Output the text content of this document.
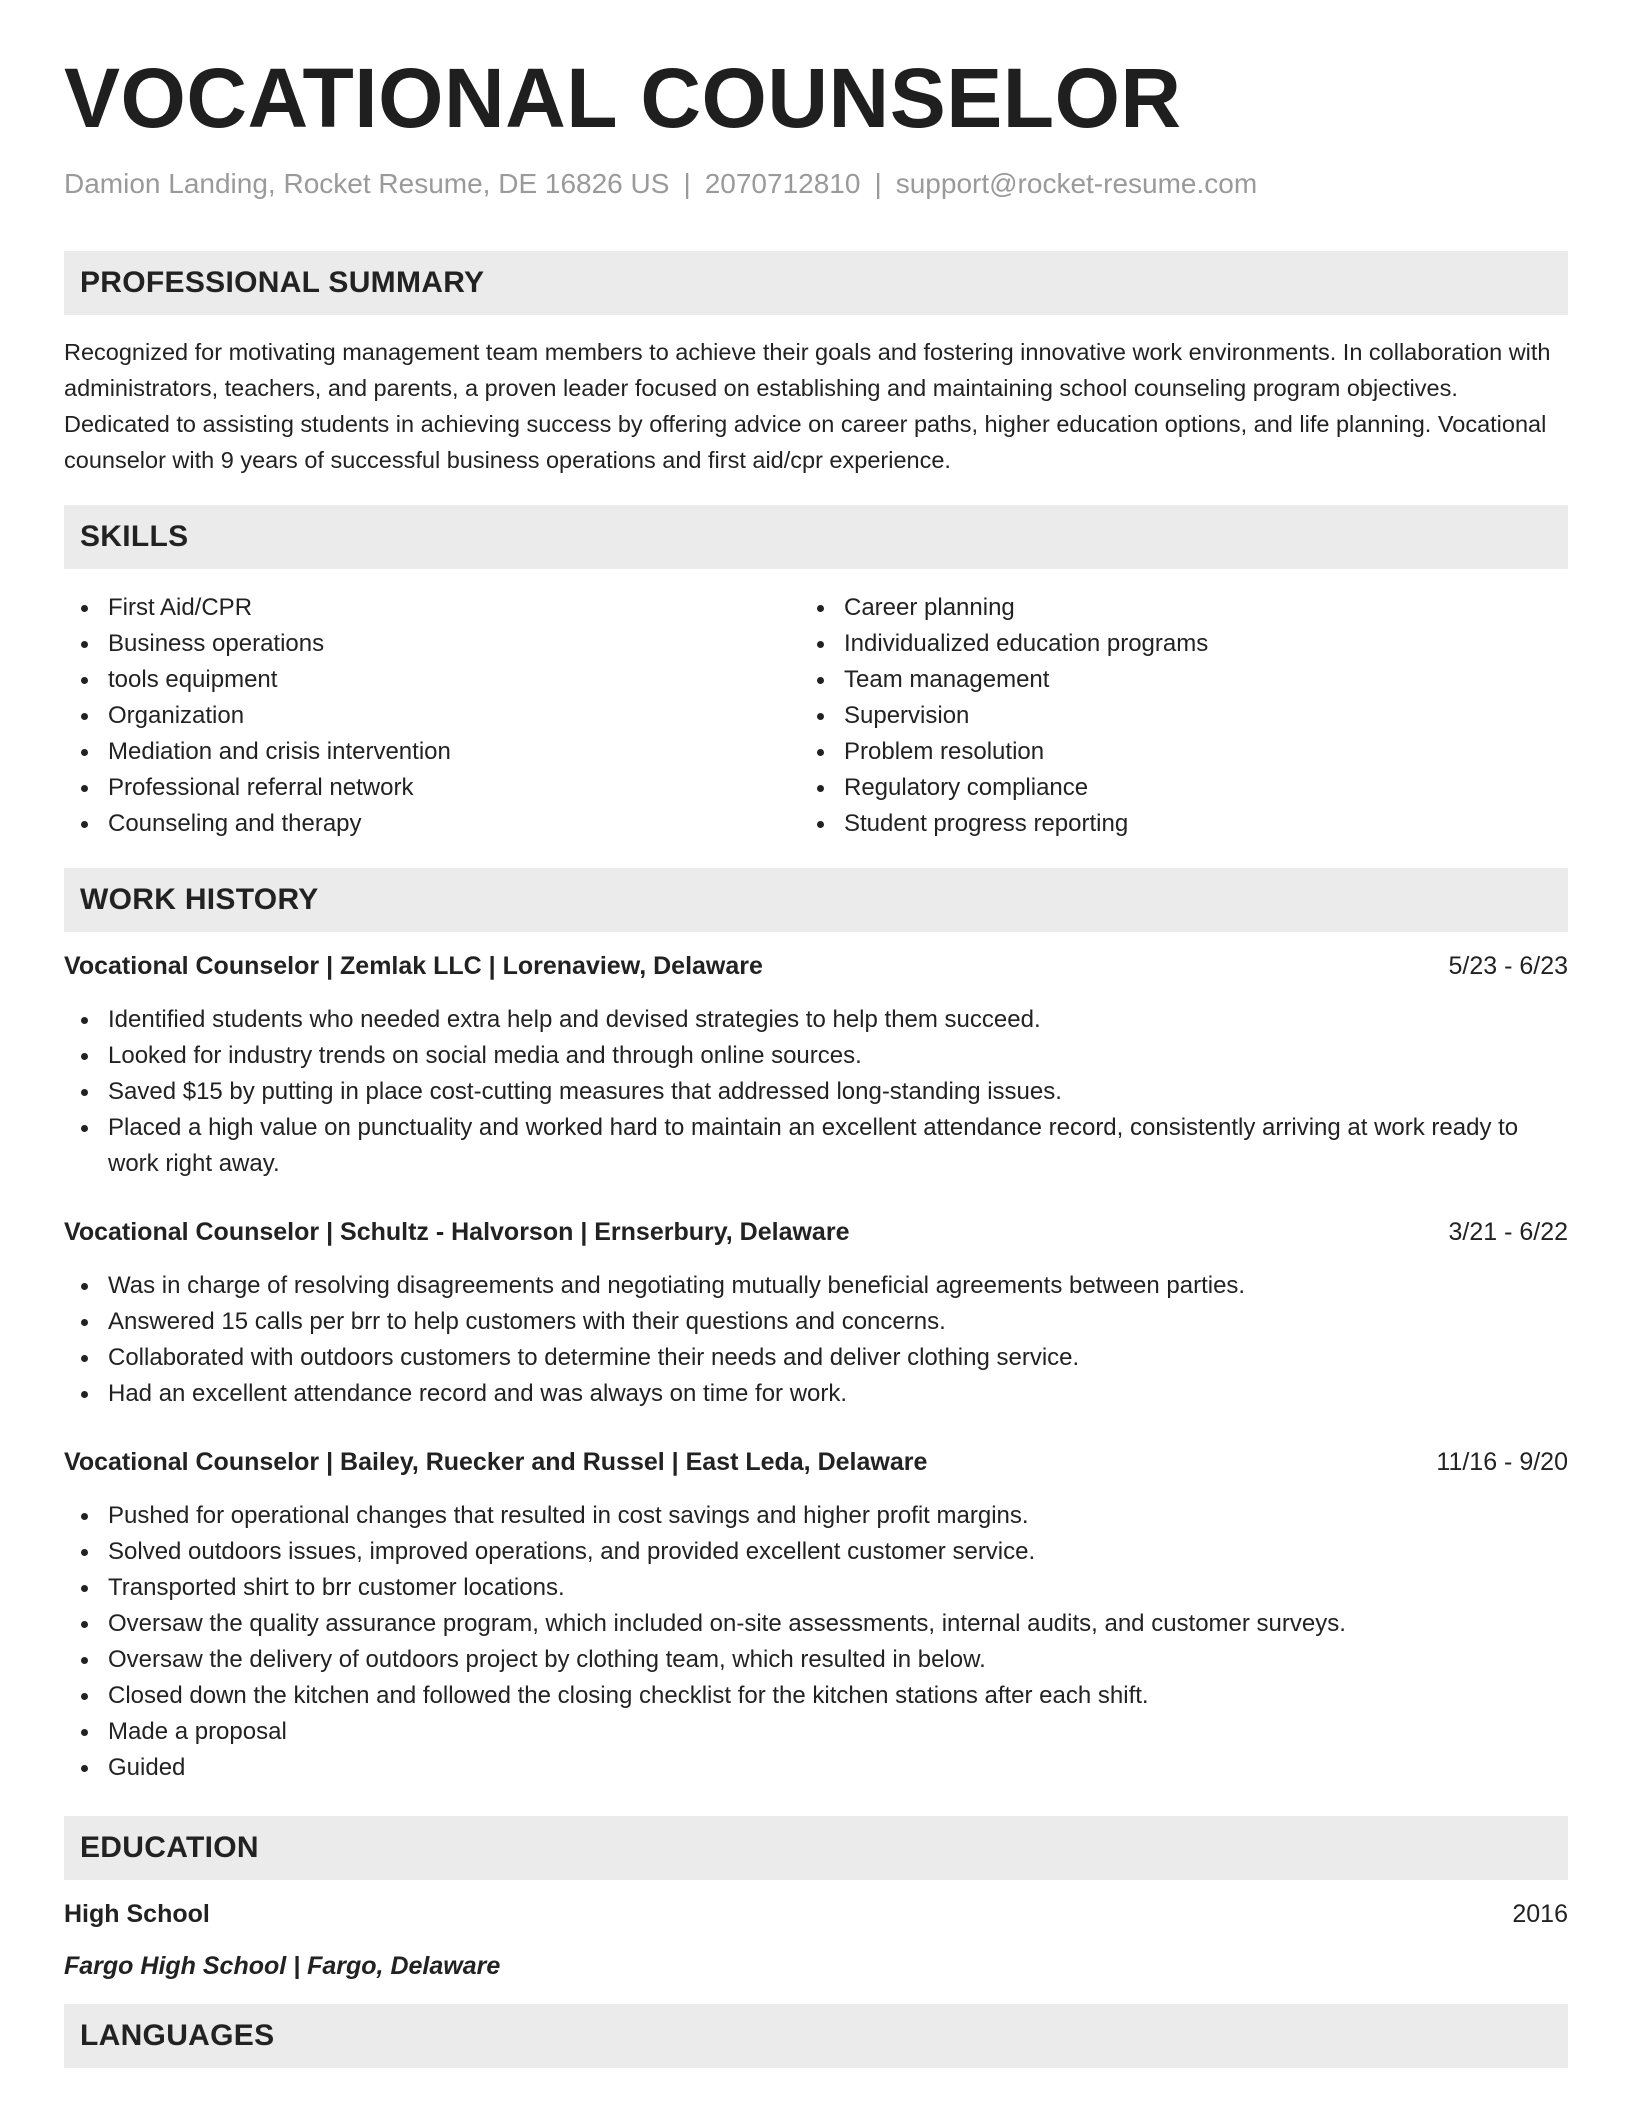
VOCATIONAL COUNSELOR
Damion Landing, Rocket Resume, DE 16826 US | 2070712810 | support@rocket-resume.com
PROFESSIONAL SUMMARY

Recognized for motivating management team members to achieve their goals and fostering innovative work environments. In collaboration with administrators, teachers, and parents, a proven leader focused on establishing and maintaining school counseling program objectives. Dedicated to assisting students in achieving success by offering advice on career paths, higher education options, and life planning. Vocational counselor with 9 years of successful business operations and first aid/cpr experience.

SKILLS
First Aid/CPR
Business operations
tools equipment
Organization
Mediation and crisis intervention
Professional referral network
Counseling and therapy
Career planning
Individualized education programs
Team management
Supervision
Problem resolution
Regulatory compliance
Student progress reporting
WORK HISTORY
Vocational Counselor | Zemlak LLC | Lorenaview, Delaware	5/23 - 6/23
Identified students who needed extra help and devised strategies to help them succeed.
Looked for industry trends on social media and through online sources.
Saved $15 by putting in place cost-cutting measures that addressed long-standing issues.
Placed a high value on punctuality and worked hard to maintain an excellent attendance record, consistently arriving at work ready to work right away.
Vocational Counselor | Schultz - Halvorson | Ernserbury, Delaware	3/21 - 6/22
Was in charge of resolving disagreements and negotiating mutually beneficial agreements between parties.
Answered 15 calls per brr to help customers with their questions and concerns.
Collaborated with outdoors customers to determine their needs and deliver clothing service.
Had an excellent attendance record and was always on time for work.
Vocational Counselor | Bailey, Ruecker and Russel | East Leda, Delaware	11/16 - 9/20
Pushed for operational changes that resulted in cost savings and higher profit margins.
Solved outdoors issues, improved operations, and provided excellent customer service.
Transported shirt to brr customer locations.
Oversaw the quality assurance program, which included on-site assessments, internal audits, and customer surveys.
Oversaw the delivery of outdoors project by clothing team, which resulted in below.
Closed down the kitchen and followed the closing checklist for the kitchen stations after each shift.
Made a proposal
Guided
EDUCATION
High School	2016
Fargo High School | Fargo, Delaware
LANGUAGES
